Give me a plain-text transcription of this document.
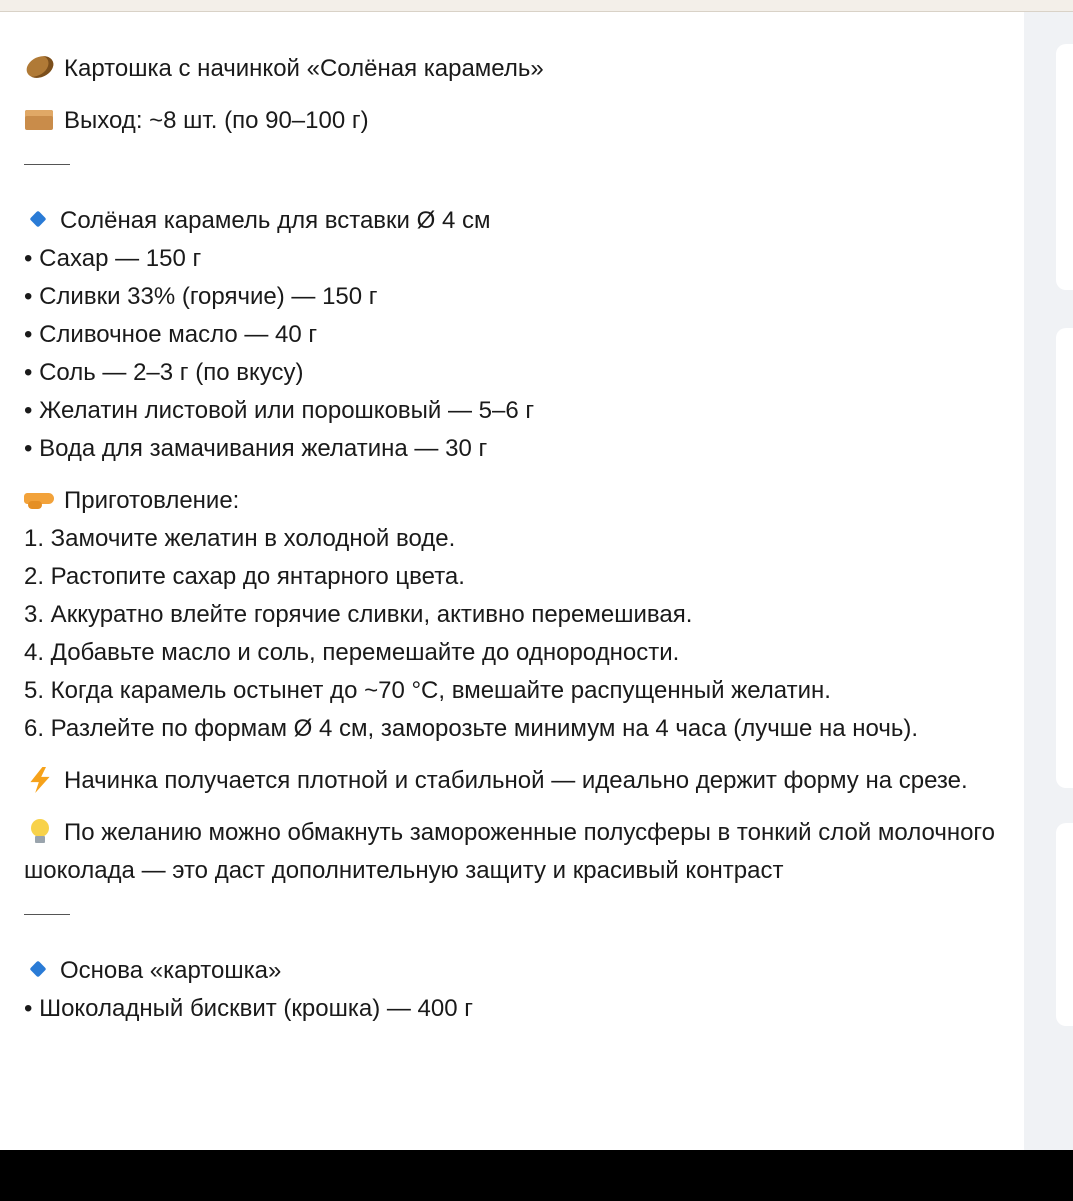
Картошка с начинкой «Солёная карамель»
Выход: ~8 шт. (по 90–100 г)
Солёная карамель для вставки Ø 4 см
• Сахар — 150 г
• Сливки 33% (горячие) — 150 г
• Сливочное масло — 40 г
• Соль — 2–3 г (по вкусу)
• Желатин листовой или порошковый — 5–6 г
• Вода для замачивания желатина — 30 г
Приготовление:
1. Замочите желатин в холодной воде.
2. Растопите сахар до янтарного цвета.
3. Аккуратно влейте горячие сливки, активно перемешивая.
4. Добавьте масло и соль, перемешайте до однородности.
5. Когда карамель остынет до ~70 °C, вмешайте распущенный желатин.
6. Разлейте по формам Ø 4 см, заморозьте минимум на 4 часа (лучше на ночь).
Начинка получается плотной и стабильной — идеально держит форму на срезе.
По желанию можно обмакнуть замороженные полусферы в тонкий слой молочного шоколада — это даст дополнительную защиту и красивый контраст
Основа «картошка»
• Шоколадный бисквит (крошка) — 400 г
